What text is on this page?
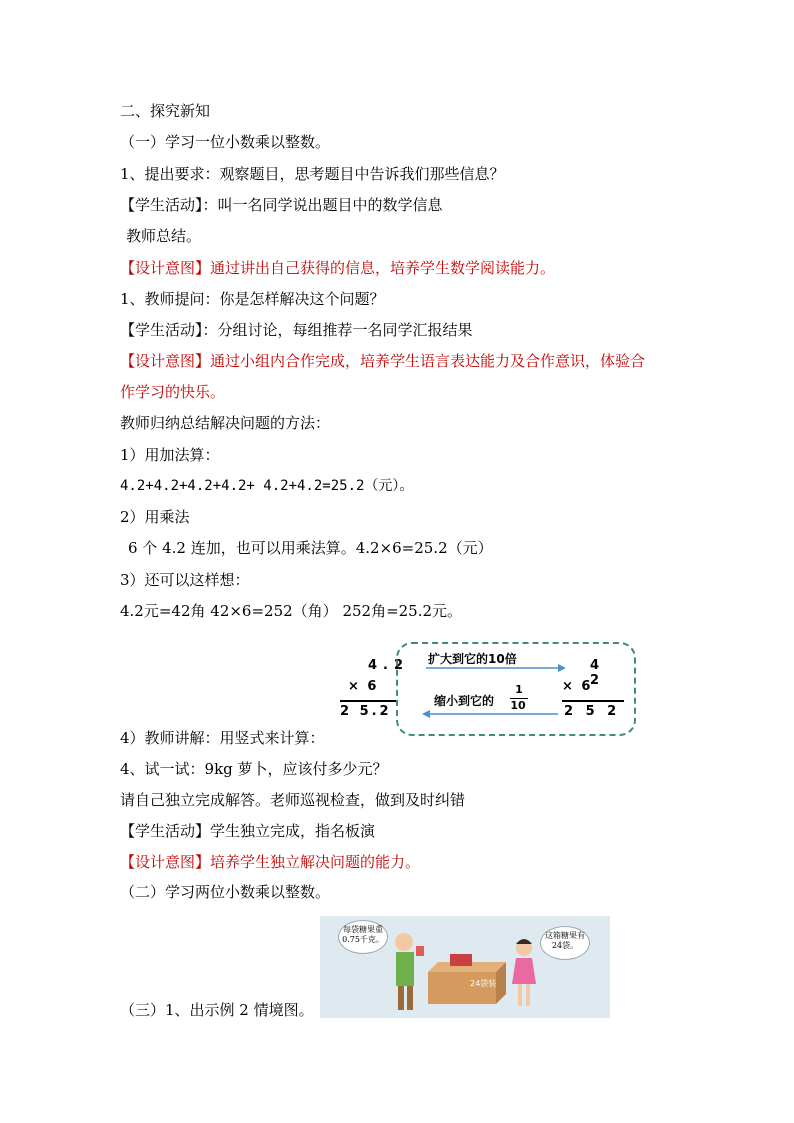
二、探究新知
（一）学习一位小数乘以整数。
1、提出要求：观察题目，思考题目中告诉我们那些信息？
【学生活动】：叫一名同学说出题目中的数学信息
教师总结。
【设计意图】通过讲出自己获得的信息，培养学生数学阅读能力。
1、教师提问：你是怎样解决这个问题？
【学生活动】：分组讨论，每组推荐一名同学汇报结果
【设计意图】通过小组内合作完成，培养学生语言表达能力及合作意识，体验合
作学习的快乐。
教师归纳总结解决问题的方法：
1）用加法算：
4.2+4.2+4.2+4.2+ 4.2+4.2=25.2（元）。
2）用乘法
6 个 4.2 连加，也可以用乘法算。4.2×6=25.2（元）
3）还可以这样想：
4.2元=42角 42×6=252（角） 252角=25.2元。
4.2
× 6
2 5.2
扩大到它的10倍
缩小到它的
1
10
4 2
× 6
2 5 2
4）教师讲解：用竖式来计算：
4、试一试：9kg 萝卜，应该付多少元？
请自己独立完成解答。老师巡视检查，做到及时纠错
【学生活动】学生独立完成，指名板演
【设计意图】培养学生独立解决问题的能力。
（二）学习两位小数乘以整数。
每袋糖果重0.75千克。	这箱糖果有24袋。
24袋装
（三）1、出示例 2 情境图。
